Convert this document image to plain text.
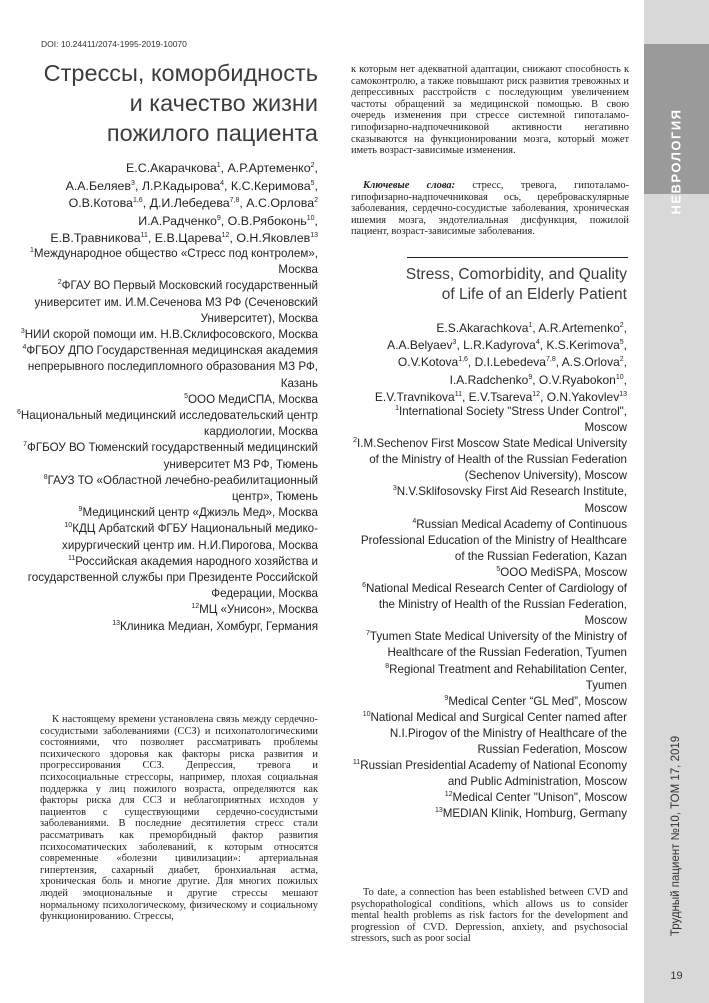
DOI: 10.24411/2074-1995-2019-10070
НЕВРОЛОГИЯ
Трудный пациент №10, ТОМ 17, 2019
19
Стрессы, коморбидность
и качество жизни
пожилого пациента
Е.С.Акарачкова$^1$, А.Р.Артеменко$^2$,
А.А.Беляев$^3$, Л.Р.Кадырова$^4$, К.С.Керимова$^5$,
О.В.Котова$^{1,6}$, Д.И.Лебедева$^{7,8}$, А.С.Орлова$^2$
И.А.Радченко$^9$, О.В.Рябоконь$^{10}$,
Е.В.Травникова$^{11}$, Е.В.Царева$^{12}$, О.Н.Яковлев$^{13}$
$^1$Международное общество «Стресс под контролем», Москва
$^2$ФГАУ ВО Первый Московский государственный университет им. И.М.Сеченова МЗ РФ (Сеченовский Университет), Москва
$^3$НИИ скорой помощи им. Н.В.Склифосовского, Москва
$^4$ФГБОУ ДПО Государственная медицинская академия непрерывного последипломного образования МЗ РФ, Казань
$^5$ООО МедиСПА, Москва
$^6$Национальный медицинский исследовательский центр кардиологии, Москва
$^7$ФГБОУ ВО Тюменский государственный медицинский университет МЗ РФ, Тюмень
$^8$ГАУЗ ТО «Областной лечебно-реабилитационный центр», Тюмень
$^9$Медицинский центр «Джиэль Мед», Москва
$^{10}$КДЦ Арбатский ФГБУ Национальный медико-хирургический центр им. Н.И.Пирогова, Москва
$^{11}$Российская академия народного хозяйства и государственной службы при Президенте Российской Федерации, Москва
$^{12}$МЦ «Унисон», Москва
$^{13}$Клиника Медиан, Хомбург, Германия

К настоящему времени установлена связь между сердечно-сосудистыми заболеваниями (ССЗ) и психопатологическими состояниями, что позволяет рассматривать проблемы психического здоровья как факторы риска развития и прогрессирования ССЗ. Депрессия, тревога и психосоциальные стрессоры, например, плохая социальная поддержка у лиц пожилого возраста, определяются как факторы риска для ССЗ и неблагоприятных исходов у пациентов с существующими сердечно-сосудистыми заболеваниями. В последние десятилетия стресс стали рассматривать как преморбидный фактор развития психосоматических заболеваний, к которым относятся современные «болезни цивилизации»: артериальная гипертензия, сахарный диабет, бронхиальная астма, хроническая боль и многие другие. Для многих пожилых людей эмоциональные и другие стрессы мешают нормальному психологическому, физическому и социальному функционированию. Стрессы,

к которым нет адекватной адаптации, снижают способность к самоконтролю, а также повышают риск развития тревожных и депрессивных расстройств с последующим увеличением частоты обращений за медицинской помощью. В свою очередь изменения при стрессе системной гипоталамо-гипофизарно-надпочечниковой активности негативно сказываются на функционировании мозга, который может иметь возраст-зависимые изменения.

Ключевые слова: стресс, тревога, гипоталамо-гипофизарно-надпочечниковая ось, цереброваскулярные заболевания, сердечно-сосудистые заболевания, хроническая ишемия мозга, эндотелиальная дисфункция, пожилой пациент, возраст-зависимые заболевания.

Stress, Comorbidity, and Quality
of Life of an Elderly Patient
E.S.Akarachkova$^1$, A.R.Artemenko$^2$,
A.A.Belyaev$^3$, L.R.Kadyrova$^4$, K.S.Kerimova$^5$,
O.V.Kotova$^{1,6}$, D.I.Lebedeva$^{7,8}$, A.S.Orlova$^2$,
I.A.Radchenko$^9$, O.V.Ryabokon$^{10}$,
E.V.Travnikova$^{11}$, E.V.Tsareva$^{12}$, O.N.Yakovlev$^{13}$
$^1$International Society "Stress Under Control",
Moscow
$^2$I.M.Sechenov First Moscow State Medical University of the Ministry of Health of the Russian Federation (Sechenov University), Moscow
$^3$N.V.Sklifosovsky First Aid Research Institute,
Moscow
$^4$Russian Medical Academy of Continuous Professional Education of the Ministry of Healthcare of the Russian Federation, Kazan
$^5$OOO MediSPA, Moscow
$^6$National Medical Research Center of Cardiology of the Ministry of Health of the Russian Federation, Moscow
$^7$Tyumen State Medical University of the Ministry of Healthcare of the Russian Federation, Tyumen
$^8$Regional Treatment and Rehabilitation Center,
Tyumen
$^9$Medical Center “GL Med”, Moscow
$^{10}$National Medical and Surgical Center named after N.I.Pirogov of the Ministry of Healthcare of the Russian Federation, Moscow
$^{11}$Russian Presidential Academy of National Economy and Public Administration, Moscow
$^{12}$Medical Center "Unison", Moscow
$^{13}$MEDIAN Klinik, Homburg, Germany

To date, a connection has been established between CVD and psychopathological conditions, which allows us to consider mental health problems as risk factors for the development and progression of CVD. Depression, anxiety, and psychosocial stressors, such as poor social
